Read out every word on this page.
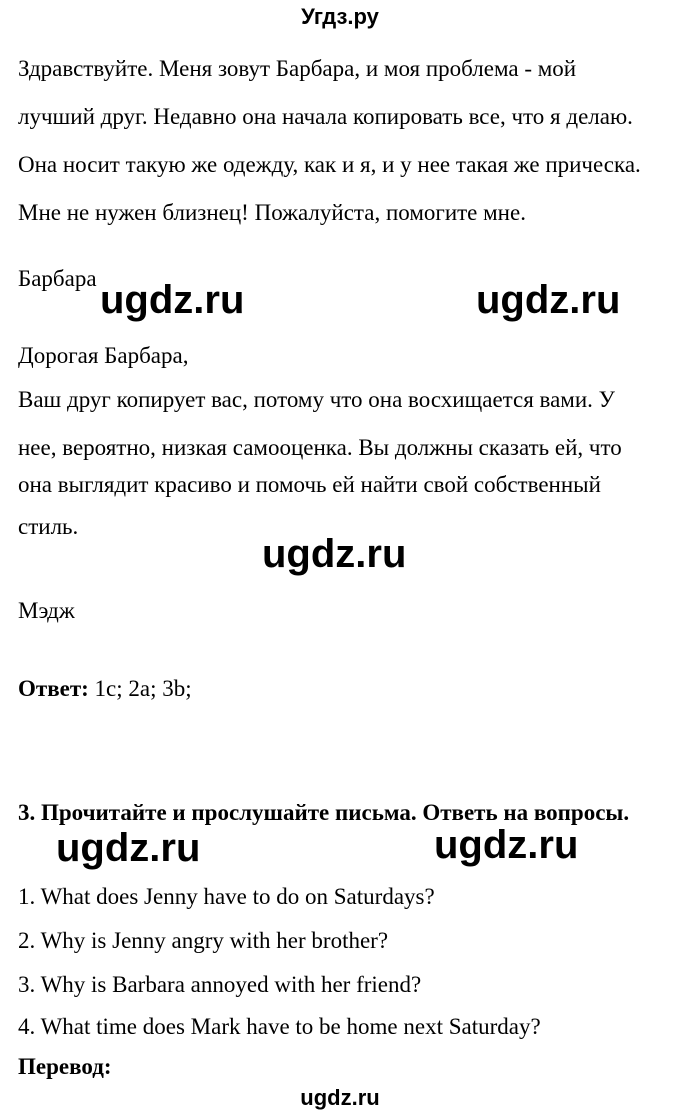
Угдз.ру
Здравствуйте. Меня зовут Барбара, и моя проблема - мой
лучший друг. Недавно она начала копировать все, что я делаю.
Она носит такую же одежду, как и я, и у нее такая же прическа.
Мне не нужен близнец! Пожалуйста, помогите мне.
Барбара ugdz.ru	ugdz.ru
Дорогая Барбара,
Ваш друг копирует вас, потому что она восхищается вами. У
нее, вероятно, низкая самооценка. Вы должны сказать ей, что
она выглядит красиво и помочь ей найти свой собственный
стиль.
ugdz.ru
Мэдж
Ответ: 1c; 2a; 3b;
3. Прочитайте и прослушайте письма. Ответь на вопросы.
ugdz.ru	ugdz.ru
1. What does Jenny have to do on Saturdays?
2. Why is Jenny angry with her brother?
3. Why is Barbara annoyed with her friend?
4. What time does Mark have to be home next Saturday?
Перевод:
ugdz.ru
